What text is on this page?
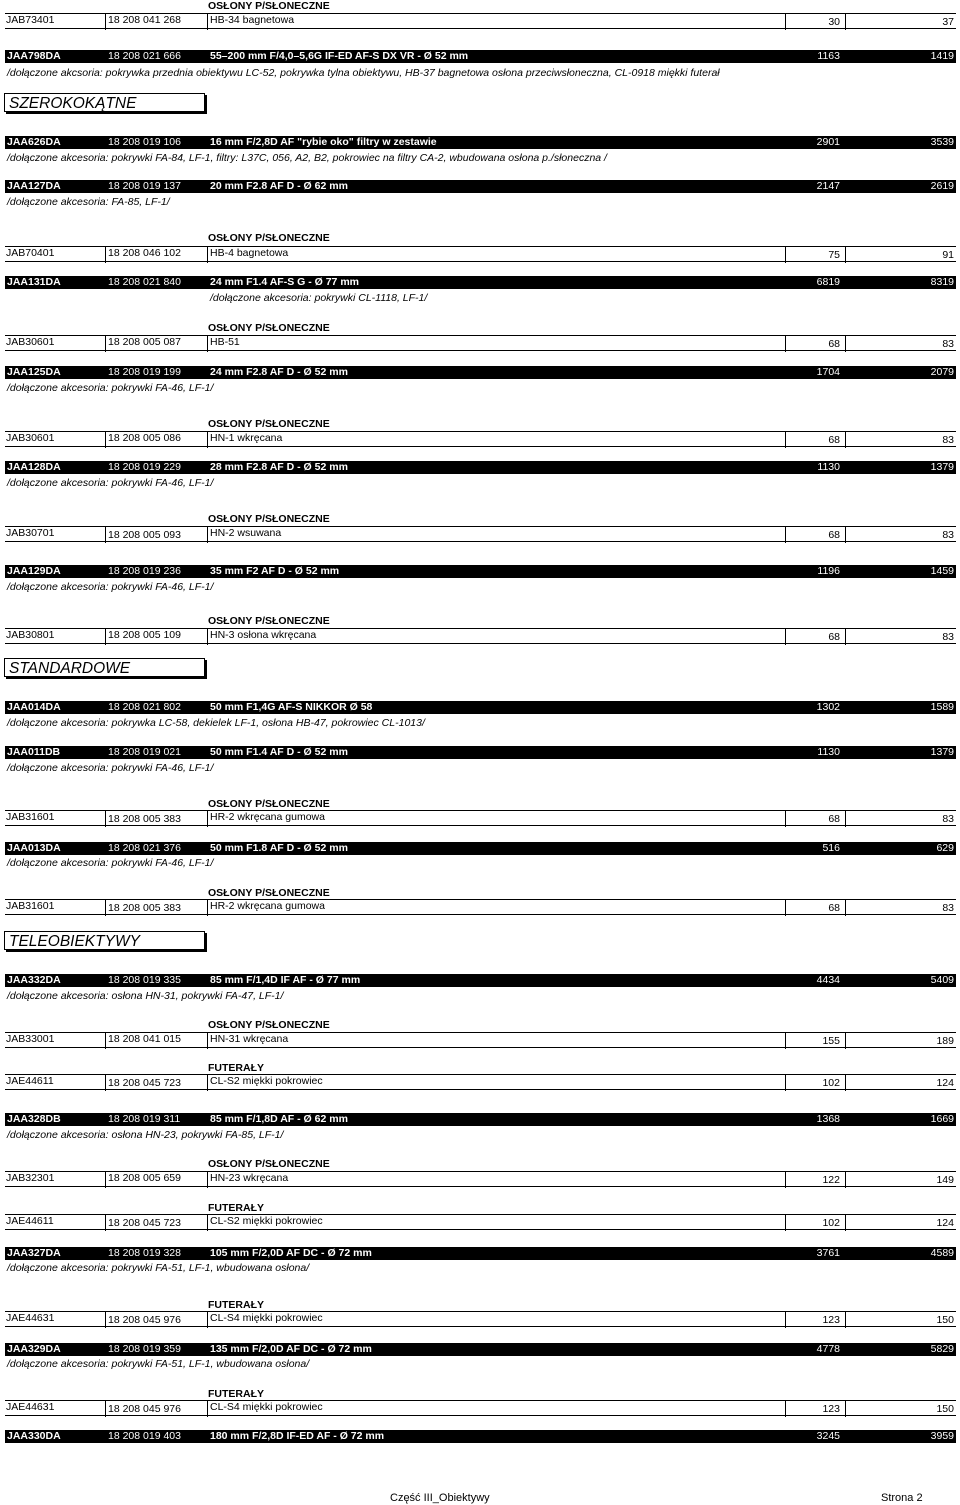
OSŁONY P/SŁONECZNE
JAB73401	18 208 041 268	HB-34 bagnetowa	30	37
JAA798DA	18 208 021 666	55–200 mm F/4,0–5,6G IF-ED AF-S DX VR - Ø 52 mm	1163	1419
/dołączone akcsoria: pokrywka przednia obiektywu LC-52, pokrywka tylna obiektywu, HB-37 bagnetowa osłona przeciwsłoneczna, CL-0918 miękki futerał
SZEROKOKĄTNE
JAA626DA	18 208 019 106	16 mm F/2,8D AF "rybie oko" filtry w zestawie	2901	3539
/dołączone akcesoria: pokrywki FA-84, LF-1, filtry: L37C, 056, A2, B2, pokrowiec na filtry CA-2, wbudowana osłona p./słoneczna /
JAA127DA	18 208 019 137	20 mm F2.8 AF D - Ø 62 mm	2147	2619
/dołączone akcesoria: FA-85, LF-1/
OSŁONY P/SŁONECZNE
JAB70401	18 208 046 102	HB-4 bagnetowa	75	91
JAA131DA	18 208 021 840	24 mm F1.4 AF-S G - Ø 77 mm	6819	8319
/dołączone akcesoria: pokrywki CL-1118, LF-1/
OSŁONY P/SŁONECZNE
JAB30601	18 208 005 087	HB-51	68	83
JAA125DA	18 208 019 199	24 mm F2.8 AF D - Ø 52 mm	1704	2079
/dołączone akcesoria: pokrywki FA-46, LF-1/
OSŁONY P/SŁONECZNE
JAB30601	18 208 005 086	HN-1 wkręcana	68	83
JAA128DA	18 208 019 229	28 mm F2.8 AF D - Ø 52 mm	1130	1379
/dołączone akcesoria: pokrywki FA-46, LF-1/
OSŁONY P/SŁONECZNE
JAB30701	18 208 005 093	HN-2 wsuwana	68	83
JAA129DA	18 208 019 236	35 mm F2 AF D - Ø 52 mm	1196	1459
/dołączone akcesoria: pokrywki FA-46, LF-1/
OSŁONY P/SŁONECZNE
JAB30801	18 208 005 109	HN-3 osłona wkręcana	68	83
STANDARDOWE
JAA014DA	18 208 021 802	50 mm F1,4G AF-S NIKKOR Ø 58	1302	1589
/dołączone akcesoria: pokrywka LC-58, dekielek LF-1, osłona HB-47, pokrowiec CL-1013/
JAA011DB	18 208 019 021	50 mm F1.4 AF D - Ø 52 mm	1130	1379
/dołączone akcesoria: pokrywki FA-46, LF-1/
OSŁONY P/SŁONECZNE
JAB31601	18 208 005 383	HR-2 wkręcana gumowa	68	83
JAA013DA	18 208 021 376	50 mm F1.8 AF D - Ø 52 mm	516	629
/dołączone akcesoria: pokrywki FA-46, LF-1/
OSŁONY P/SŁONECZNE
JAB31601	18 208 005 383	HR-2 wkręcana gumowa	68	83
TELEOBIEKTYWY
JAA332DA	18 208 019 335	85 mm F/1,4D IF AF - Ø 77 mm	4434	5409
/dołączone akcesoria: osłona HN-31, pokrywki FA-47, LF-1/
OSŁONY P/SŁONECZNE
JAB33001	18 208 041 015	HN-31 wkręcana	155	189
FUTERAŁY
JAE44611	18 208 045 723	CL-S2 miękki pokrowiec	102	124
JAA328DB	18 208 019 311	85 mm F/1,8D AF - Ø 62 mm	1368	1669
/dołączone akcesoria: osłona HN-23, pokrywki FA-85, LF-1/
OSŁONY P/SŁONECZNE
JAB32301	18 208 005 659	HN-23 wkręcana	122	149
FUTERAŁY
JAE44611	18 208 045 723	CL-S2 miękki pokrowiec	102	124
JAA327DA	18 208 019 328	105 mm F/2,0D AF DC - Ø 72 mm	3761	4589
/dołączone akcesoria: pokrywki FA-51, LF-1, wbudowana osłona/
FUTERAŁY
JAE44631	18 208 045 976	CL-S4 miękki pokrowiec	123	150
JAA329DA	18 208 019 359	135 mm F/2,0D AF DC - Ø 72 mm	4778	5829
/dołączone akcesoria: pokrywki FA-51, LF-1, wbudowana osłona/
FUTERAŁY
JAE44631	18 208 045 976	CL-S4 miękki pokrowiec	123	150
JAA330DA	18 208 019 403	180 mm F/2,8D IF-ED AF - Ø 72 mm	3245	3959
Część III_Obiektywy	Strona 2
